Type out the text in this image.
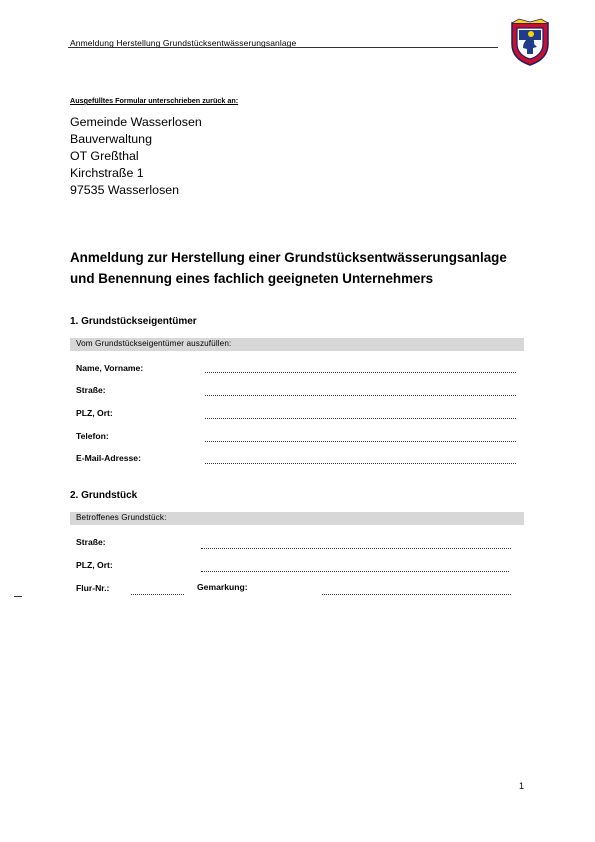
Anmeldung Herstellung Grundstücksentwässerungsanlage
Ausgefülltes Formular unterschrieben zurück an:
Gemeinde Wasserlosen
Bauverwaltung
OT Greßthal
Kirchstraße 1
97535 Wasserlosen
Anmeldung zur Herstellung einer Grundstücksentwässerungsanlage
und Benennung eines fachlich geeigneten Unternehmers
1. Grundstückseigentümer
Vom Grundstückseigentümer auszufüllen:
Name, Vorname:
Straße:
PLZ, Ort:
Telefon:
E-Mail-Adresse:
2. Grundstück
Betroffenes Grundstück:
Straße:
PLZ, Ort:
Flur-Nr.:	Gemarkung:
1
